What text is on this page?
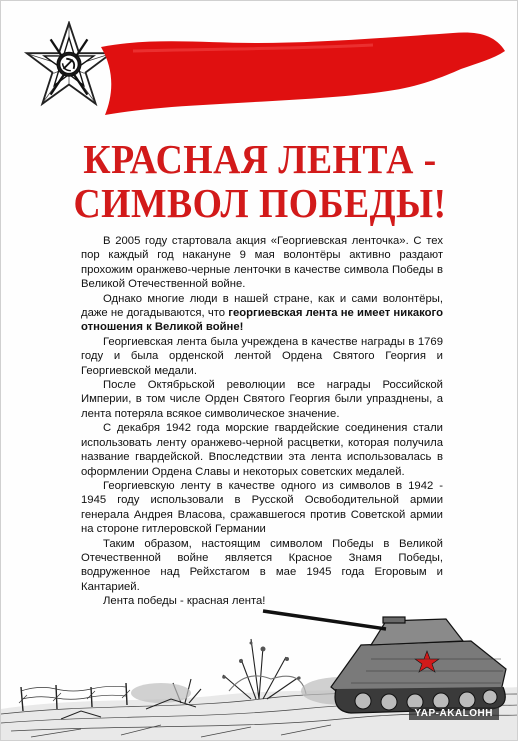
КРАСНАЯ ЛЕНТА -
СИМВОЛ ПОБЕДЫ!

В 2005 году стартовала акция «Георгиевская ленточка». С тех пор каждый год накануне 9 мая волонтёры активно раздают прохожим оранжево-черные ленточки в качестве символа Победы в Великой Отечественной войне.

Однако многие люди в нашей стране, как и сами волонтёры, даже не догадываются, что георгиевская лента не имеет никакого отношения к Великой войне!

Георгиевская лента была учреждена в качестве награды в 1769 году и была орденской лентой Ордена Святого Георгия и Георгиевской медали.

После Октябрьской революции все награды Российской Империи, в том числе Орден Святого Георгия были упразднены, а лента потеряла всякое символическое значение.

С декабря 1942 года морские гвардейские соединения стали использовать ленту оранжево-черной расцветки, которая получила название гвардейской. Впоследствии эта лента использовалась в оформлении Ордена Славы и некоторых советских медалей.

Георгиевскую ленту в качестве одного из символов в 1942 - 1945 году использовали в Русской Освободительной армии генерала Андрея Власова, сражавшегося против Советской армии на стороне гитлеровской Германии

Таким образом, настоящим символом Победы в Великой Отечественной войне является Красное Знамя Победы, водруженное над Рейхстагом в мае 1945 года Егоровым и Кантарией.

Лента победы - красная лента!

YAP-AKALOHH
